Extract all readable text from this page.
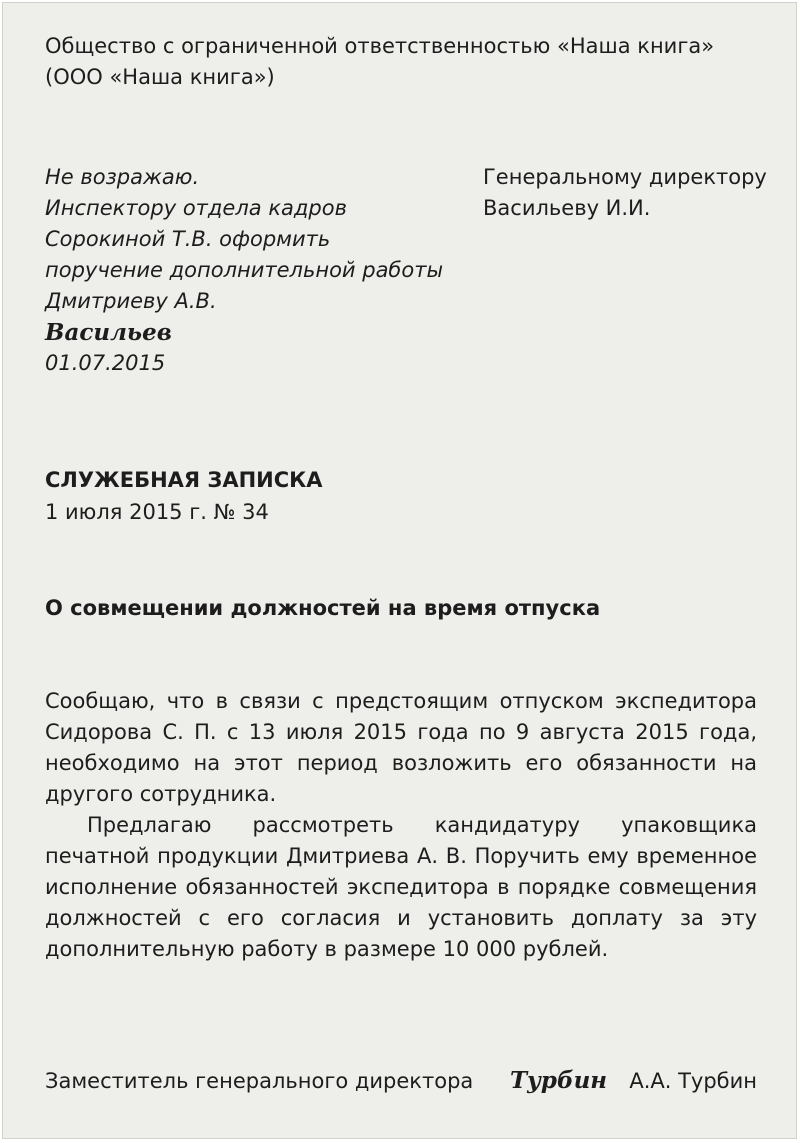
Общество с ограниченной ответственностью «Наша книга»
(ООО «Наша книга»)
Не возражаю.
Инспектору отдела кадров
Сорокиной Т.В. оформить
поручение дополнительной работы
Дмитриеву А.В.
Васильев
01.07.2015
Генеральному директору
Васильеву И.И.
СЛУЖЕБНАЯ ЗАПИСКА
1 июля 2015 г. № 34
О совмещении должностей на время отпуска

Сообщаю, что в связи с предстоящим отпуском экспедитора Сидорова С. П. с 13 июля 2015 года по 9 августа 2015 года, необходимо на этот период возложить его обязанности на другого сотрудника.

Предлагаю рассмотреть кандидатуру упаковщика печатной продукции Дмитриева А. В. Поручить ему временное исполнение обязанностей экспедитора в порядке совмещения должностей с его согласия и установить доплату за эту дополнительную работу в размере 10 000 рублей.

Заместитель генерального директора Турбин А.А. Турбин
